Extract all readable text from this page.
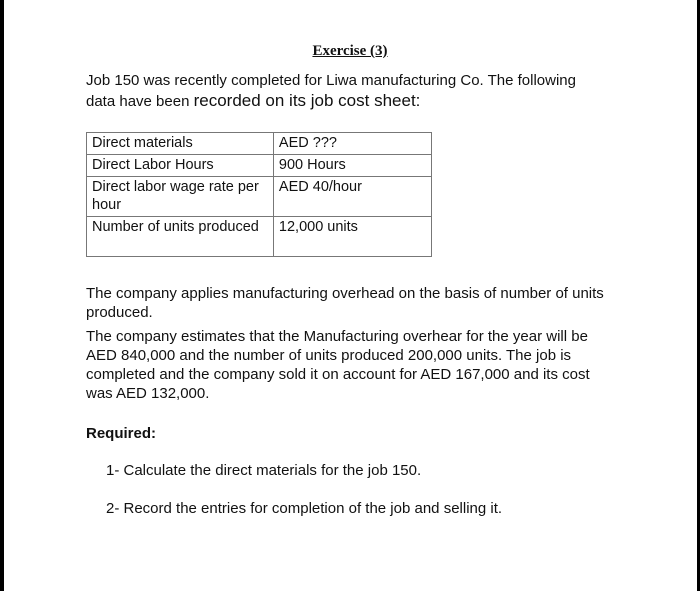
Exercise (3)
Job 150 was recently completed for Liwa manufacturing Co. The following
data have been recorded on its job cost sheet:
Direct materials	AED ???
Direct Labor Hours	900 Hours
Direct labor wage rate per hour	AED 40/hour
Number of units produced	12,000 units
The company applies manufacturing overhead on the basis of number of units produced.
The company estimates that the Manufacturing overhear for the year will be AED 840,000 and the number of units produced 200,000 units. The job is completed and the company sold it on account for AED 167,000 and its cost was AED 132,000.
Required:
1- Calculate the direct materials for the job 150.
2- Record the entries for completion of the job and selling it.
